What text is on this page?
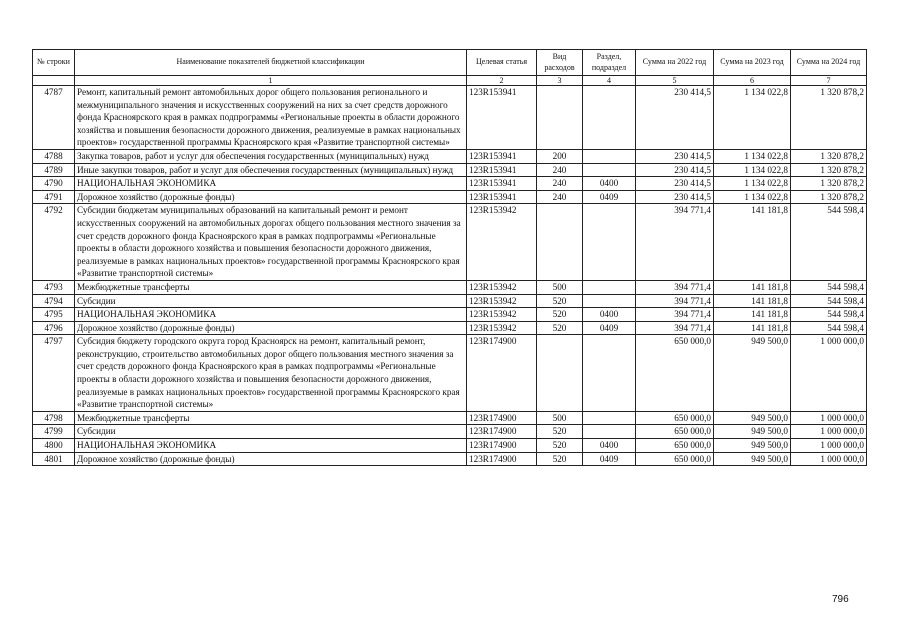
№ строки	Наименование показателей бюджетной классификации	Целевая статья	Вид расходов	Раздел, подраздел	Сумма на 2022 год	Сумма на 2023 год	Сумма на 2024 год
	1	2	3	4	5	6	7
4787	Ремонт, капитальный ремонт автомобильных дорог общего пользования регионального и межмуниципального значения и искусственных сооружений на них за счет средств дорожного фонда Красноярского края в рамках подпрограммы «Региональные проекты в области дорожного хозяйства и повышения безопасности дорожного движения, реализуемые в рамках национальных проектов» государственной программы Красноярского края «Развитие транспортной системы»	123R153941			230 414,5	1 134 022,8	1 320 878,2
4788	Закупка товаров, работ и услуг для обеспечения государственных (муниципальных) нужд	123R153941	200		230 414,5	1 134 022,8	1 320 878,2
4789	Иные закупки товаров, работ и услуг для обеспечения государственных (муниципальных) нужд	123R153941	240		230 414,5	1 134 022,8	1 320 878,2
4790	НАЦИОНАЛЬНАЯ ЭКОНОМИКА	123R153941	240	0400	230 414,5	1 134 022,8	1 320 878,2
4791	Дорожное хозяйство (дорожные фонды)	123R153941	240	0409	230 414,5	1 134 022,8	1 320 878,2
4792	Субсидии бюджетам муниципальных образований на капитальный ремонт и ремонт искусственных сооружений на автомобильных дорогах общего пользования местного значения за счет средств дорожного фонда Красноярского края в рамках подпрограммы «Региональные проекты в области дорожного хозяйства и повышения безопасности дорожного движения, реализуемые в рамках национальных проектов» государственной программы Красноярского края «Развитие транспортной системы»	123R153942			394 771,4	141 181,8	544 598,4
4793	Межбюджетные трансферты	123R153942	500		394 771,4	141 181,8	544 598,4
4794	Субсидии	123R153942	520		394 771,4	141 181,8	544 598,4
4795	НАЦИОНАЛЬНАЯ ЭКОНОМИКА	123R153942	520	0400	394 771,4	141 181,8	544 598,4
4796	Дорожное хозяйство (дорожные фонды)	123R153942	520	0409	394 771,4	141 181,8	544 598,4
4797	Субсидия бюджету городского округа город Красноярск на ремонт, капитальный ремонт, реконструкцию, строительство автомобильных дорог общего пользования местного значения за счет средств дорожного фонда Красноярского края в рамках подпрограммы «Региональные проекты в области дорожного хозяйства и повышения безопасности дорожного движения, реализуемые в рамках национальных проектов» государственной программы Красноярского края «Развитие транспортной системы»	123R174900			650 000,0	949 500,0	1 000 000,0
4798	Межбюджетные трансферты	123R174900	500		650 000,0	949 500,0	1 000 000,0
4799	Субсидии	123R174900	520		650 000,0	949 500,0	1 000 000,0
4800	НАЦИОНАЛЬНАЯ ЭКОНОМИКА	123R174900	520	0400	650 000,0	949 500,0	1 000 000,0
4801	Дорожное хозяйство (дорожные фонды)	123R174900	520	0409	650 000,0	949 500,0	1 000 000,0
796
